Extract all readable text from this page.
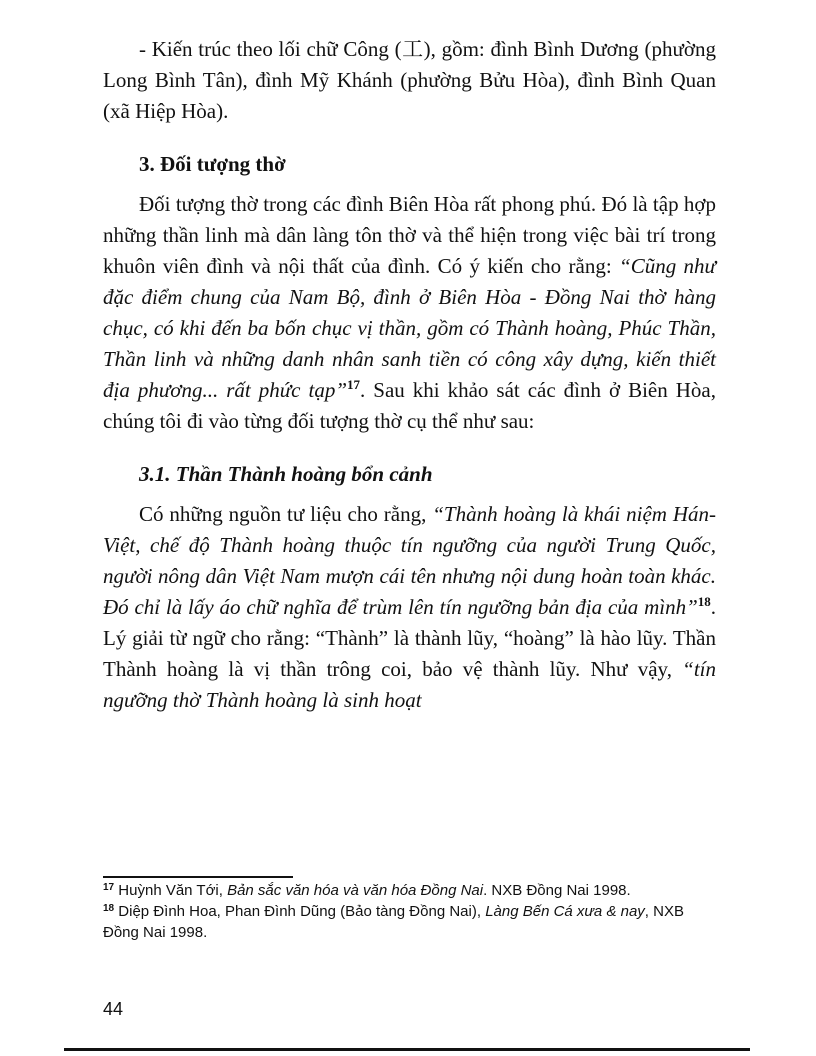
- Kiến trúc theo lối chữ Công (工), gồm: đình Bình Dương (phường Long Bình Tân), đình Mỹ Khánh (phường Bửu Hòa), đình Bình Quan (xã Hiệp Hòa).

3. Đối tượng thờ

Đối tượng thờ trong các đình Biên Hòa rất phong phú. Đó là tập hợp những thần linh mà dân làng tôn thờ và thể hiện trong việc bài trí trong khuôn viên đình và nội thất của đình. Có ý kiến cho rằng: “Cũng như đặc điểm chung của Nam Bộ, đình ở Biên Hòa - Đồng Nai thờ hàng chục, có khi đến ba bốn chục vị thần, gồm có Thành hoàng, Phúc Thần, Thần linh và những danh nhân sanh tiền có công xây dựng, kiến thiết địa phương... rất phức tạp”$^{17}$. Sau khi khảo sát các đình ở Biên Hòa, chúng tôi đi vào từng đối tượng thờ cụ thể như sau:

3.1. Thần Thành hoàng bổn cảnh

Có những nguồn tư liệu cho rằng, “Thành hoàng là khái niệm Hán-Việt, chế độ Thành hoàng thuộc tín ngưỡng của người Trung Quốc, người nông dân Việt Nam mượn cái tên nhưng nội dung hoàn toàn khác. Đó chỉ là lấy áo chữ nghĩa để trùm lên tín ngưỡng bản địa của mình”$^{18}$. Lý giải từ ngữ cho rằng: “Thành” là thành lũy, “hoàng” là hào lũy. Thần Thành hoàng là vị thần trông coi, bảo vệ thành lũy. Như vậy, “tín ngưỡng thờ Thành hoàng là sinh hoạt

$^{17}$ Huỳnh Văn Tới, Bản sắc văn hóa và văn hóa Đồng Nai. NXB Đồng Nai 1998.

$^{18}$ Diệp Đình Hoa, Phan Đình Dũng (Bảo tàng Đồng Nai), Làng Bến Cá xưa & nay, NXB Đồng Nai 1998.

44
